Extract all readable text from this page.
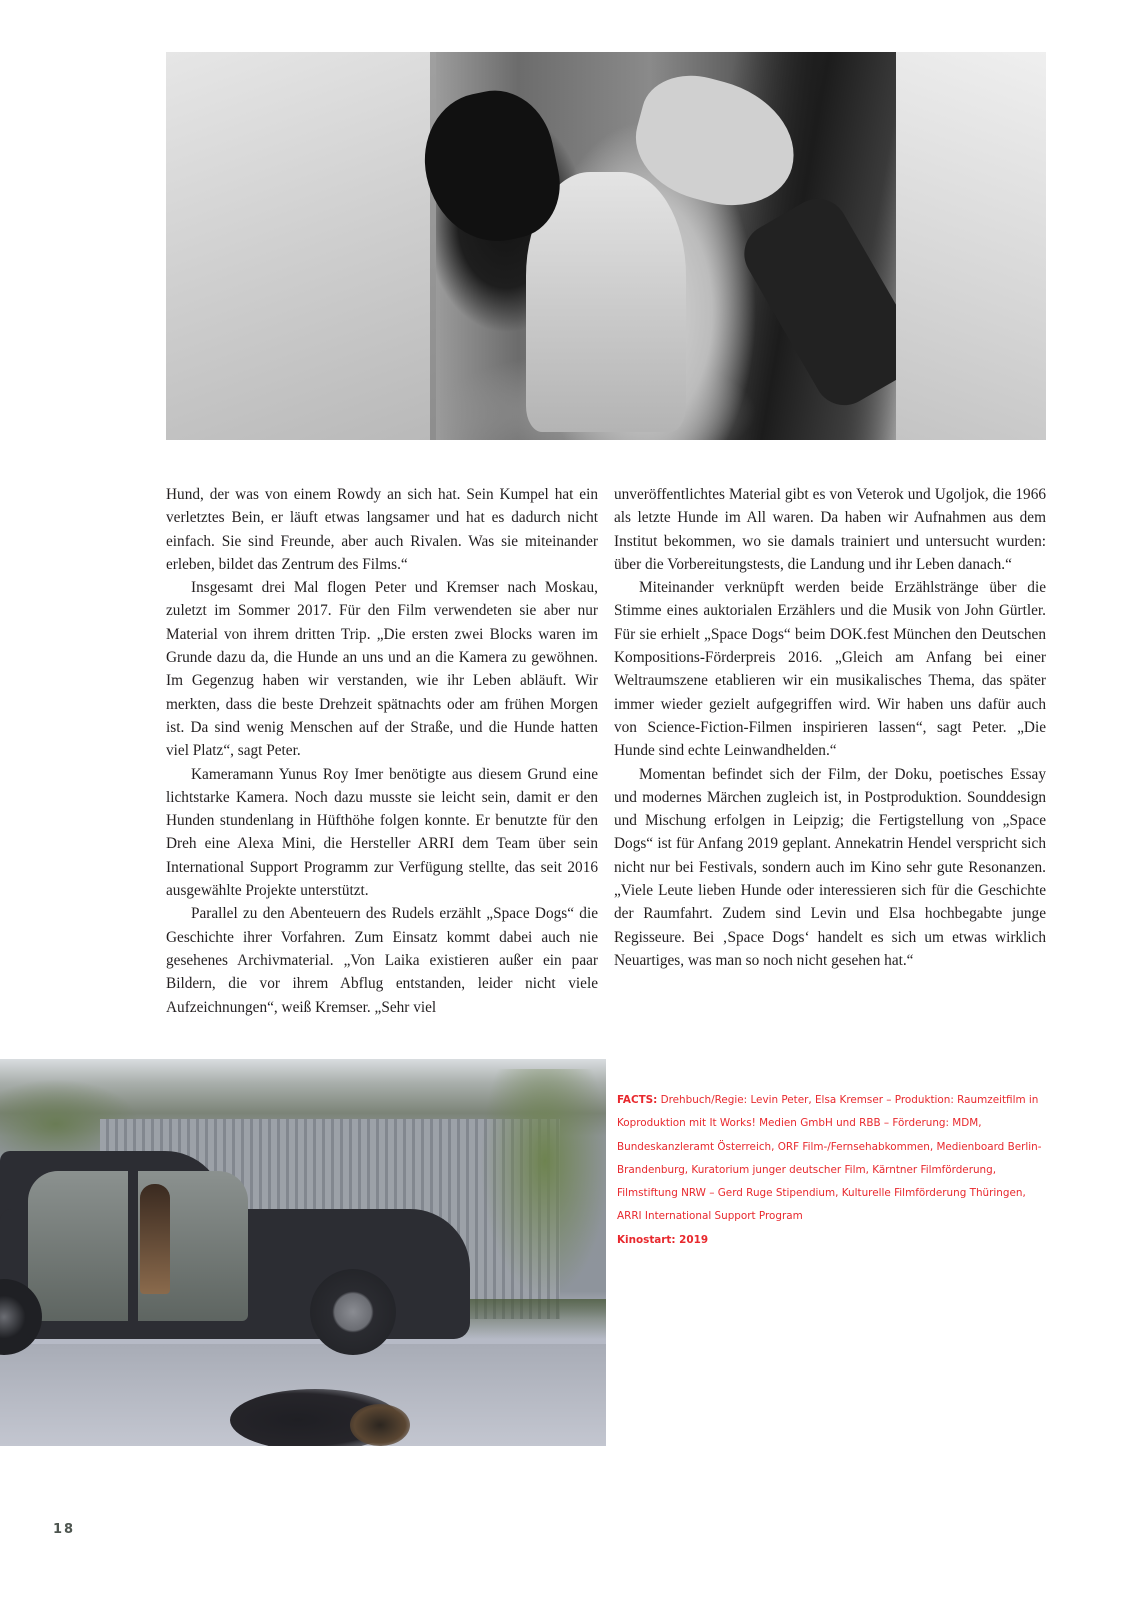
Hund, der was von einem Rowdy an sich hat. Sein Kumpel hat ein verletztes Bein, er läuft etwas langsamer und hat es dadurch nicht einfach. Sie sind Freunde, aber auch Rivalen. Was sie miteinander erleben, bildet das Zentrum des Films.“

Insgesamt drei Mal flogen Peter und Kremser nach Moskau, zuletzt im Sommer 2017. Für den Film verwendeten sie aber nur Material von ihrem dritten Trip. „Die ersten zwei Blocks waren im Grunde dazu da, die Hunde an uns und an die Kamera zu gewöhnen. Im Gegenzug haben wir verstanden, wie ihr Leben abläuft. Wir merkten, dass die beste Drehzeit spätnachts oder am frühen Morgen ist. Da sind wenig Menschen auf der Straße, und die Hunde hatten viel Platz“, sagt Peter.

Kameramann Yunus Roy Imer benötigte aus diesem Grund eine lichtstarke Kamera. Noch dazu musste sie leicht sein, damit er den Hunden stundenlang in Hüfthöhe folgen konnte. Er benutzte für den Dreh eine Alexa Mini, die Hersteller ARRI dem Team über sein International Support Programm zur Verfügung stellte, das seit 2016 ausgewählte Projekte unterstützt.

Parallel zu den Abenteuern des Rudels erzählt „Space Dogs“ die Geschichte ihrer Vorfahren. Zum Einsatz kommt dabei auch nie gesehenes Archivmaterial. „Von Laika existieren außer ein paar Bildern, die vor ihrem Abflug entstanden, leider nicht viele Aufzeichnungen“, weiß Kremser. „Sehr viel

unveröffentlichtes Material gibt es von Veterok und Ugoljok, die 1966 als letzte Hunde im All waren. Da haben wir Aufnahmen aus dem Institut bekommen, wo sie damals trainiert und untersucht wurden: über die Vorbereitungstests, die Landung und ihr Leben danach.“

Miteinander verknüpft werden beide Erzählstränge über die Stimme eines auktorialen Erzählers und die Musik von John Gürtler. Für sie erhielt „Space Dogs“ beim DOK.fest München den Deutschen Kompositions-Förderpreis 2016. „Gleich am Anfang bei einer Weltraumszene etablieren wir ein musikalisches Thema, das später immer wieder gezielt aufgegriffen wird. Wir haben uns dafür auch von Science-Fiction-Filmen inspirieren lassen“, sagt Peter. „Die Hunde sind echte Leinwandhelden.“

Momentan befindet sich der Film, der Doku, poetisches Essay und modernes Märchen zugleich ist, in Postproduktion. Sounddesign und Mischung erfolgen in Leipzig; die Fertigstellung von „Space Dogs“ ist für Anfang 2019 geplant. Annekatrin Hendel verspricht sich nicht nur bei Festivals, sondern auch im Kino sehr gute Resonanzen. „Viele Leute lieben Hunde oder interessieren sich für die Geschichte der Raumfahrt. Zudem sind Levin und Elsa hochbegabte junge Regisseure. Bei ‚Space Dogs‘ handelt es sich um etwas wirklich Neuartiges, was man so noch nicht gesehen hat.“

FACTS: Drehbuch/Regie: Levin Peter, Elsa Kremser – Produktion: Raumzeitfilm in Koproduktion mit It Works! Medien GmbH und RBB – Förderung: MDM, Bundeskanzleramt Österreich, ORF Film-/Fernsehabkommen, Medienboard Berlin-Brandenburg, Kuratorium junger deutscher Film, Kärntner Filmförderung, Filmstiftung NRW – Gerd Ruge Stipendium, Kulturelle Filmförderung Thüringen, ARRI International Support Program
Kinostart: 2019
18
